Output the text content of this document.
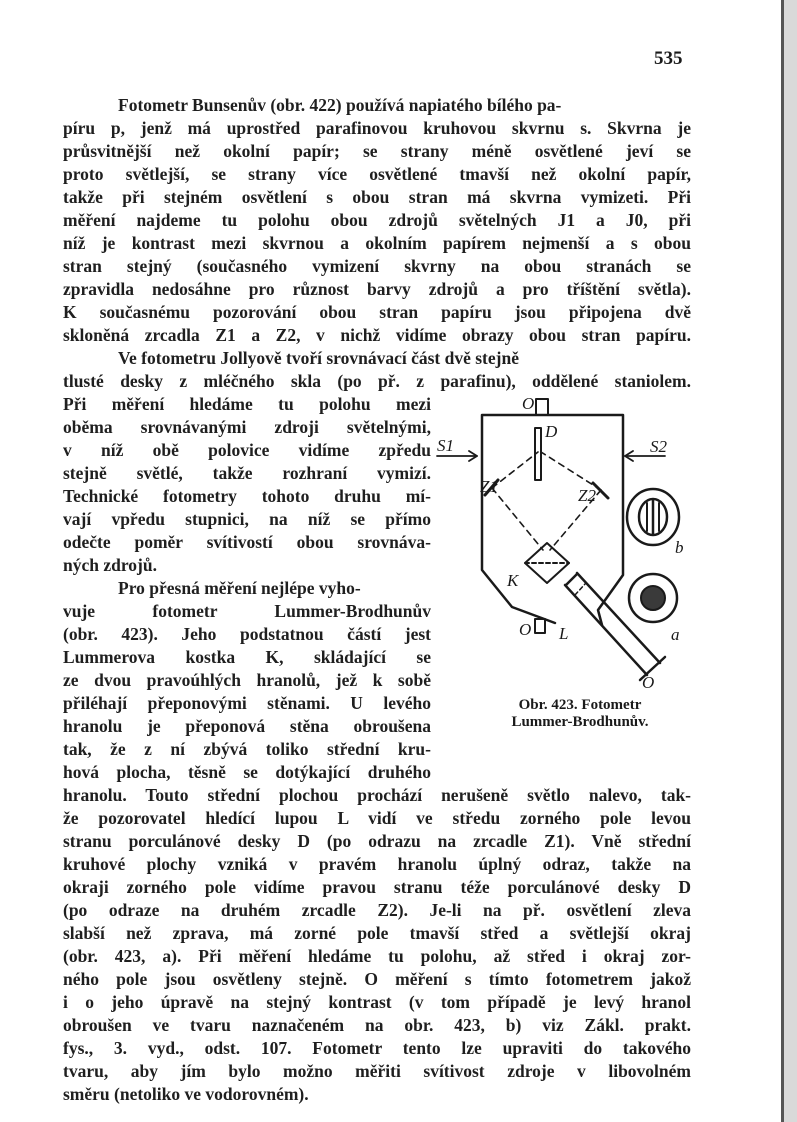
535
Fotometr Bunsenův (obr. 422) používá napiatého bílého pa-
píru p, jenž má uprostřed parafinovou kruhovou skvrnu s. Skvrna je
průsvitnější než okolní papír; se strany méně osvětlené jeví se
proto světlejší, se strany více osvětlené tmavší než okolní papír,
takže při stejném osvětlení s obou stran má skvrna vymizeti. Při
měření najdeme tu polohu obou zdrojů světelných J1 a J0, při
níž je kontrast mezi skvrnou a okolním papírem nejmenší a s obou
stran stejný (současného vymizení skvrny na obou stranách se
zpravidla nedosáhne pro různost barvy zdrojů a pro tříštění světla).
K současnému pozorování obou stran papíru jsou připojena dvě
skloněná zrcadla Z1 a Z2, v nichž vidíme obrazy obou stran papíru.
Ve fotometru Jollyově tvoří srovnávací část dvě stejně
tlusté desky z mléčného skla (po př. z parafinu), oddělené staniolem.
Při měření hledáme tu polohu mezi
oběma srovnávanými zdroji světelnými,
v níž obě polovice vidíme zpředu
stejně světlé, takže rozhraní vymizí.
Technické fotometry tohoto druhu mí-
vají vpředu stupnici, na níž se přímo
odečte poměr svítivostí obou srovnáva-
ných zdrojů.
Pro přesná měření nejlépe vyho-
vuje fotometr Lummer-Brodhunův
(obr. 423). Jeho podstatnou částí jest
Lummerova kostka K, skládající se
ze dvou pravoúhlých hranolů, jež k sobě
přiléhají přeponovými stěnami. U levého
hranolu je přeponová stěna obroušena
tak, že z ní zbývá toliko střední kru-
hová plocha, těsně se dotýkající druhého
hranolu. Touto střední plochou prochází nerušeně světlo nalevo, tak-
že pozorovatel hledící lupou L vidí ve středu zorného pole levou
stranu porculánové desky D (po odrazu na zrcadle Z1). Vně střední
kruhové plochy vzniká v pravém hranolu úplný odraz, takže na
okraji zorného pole vidíme pravou stranu téže porculánové desky D
(po odraze na druhém zrcadle Z2). Je-li na př. osvětlení zleva
slabší než zprava, má zorné pole tmavší střed a světlejší okraj
(obr. 423, a). Při měření hledáme tu polohu, až střed i okraj zor-
ného pole jsou osvětleny stejně. O měření s tímto fotometrem jakož
i o jeho úpravě na stejný kontrast (v tom případě je levý hranol
obroušen ve tvaru naznačeném na obr. 423, b) viz Zákl. prakt.
fys., 3. vyd., odst. 107. Fotometr tento lze upraviti do takového
tvaru, aby jím bylo možno měřiti svítivost zdroje v libovolném
směru (netoliko ve vodorovném).
O
D
S1	S2
Z1	Z2
K
O L
O
a
b
Obr. 423. Fotometr
Lummer-Brodhunův.
